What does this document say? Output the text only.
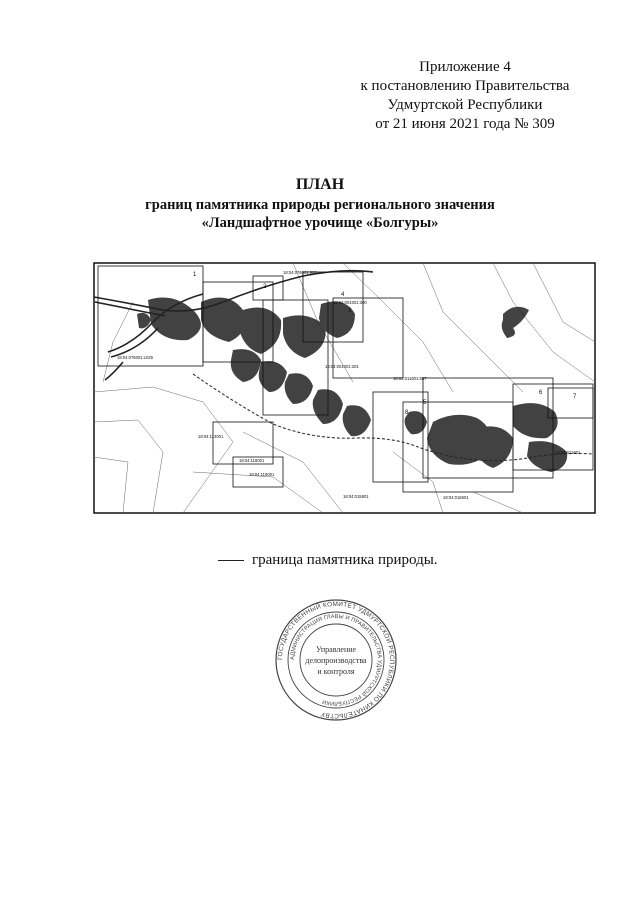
Приложение 4
к постановлению Правительства
Удмуртской Республики
от 21 июня 2021 года № 309
ПЛАН
границ памятника природы регионального значения
«Ландшафтное урочище «Болгуры»
18:04:076001:986
18:04:076001:1025
18:04:001001:300
18:04:001001:301
18:04:011601:587
18:04:113001
18:04:118001
18:04:119001
18:04:016601
18:04:015801
18:04:011601
1
2
3
4
5
6
7
8
граница памятника природы.
ГОСУДАРСТВЕННЫЙ КОМИТЕТ УДМУРТСКОЙ РЕСПУБЛИКИ ПО КИНАТЕЛЬСТВУ
АДМИНИСТРАЦИЯ ГЛАВЫ И ПРАВИТЕЛЬСТВА УДМУРТСКОЙ РЕСПУБЛИКИ
Управление
делопроизводства
и контроля
